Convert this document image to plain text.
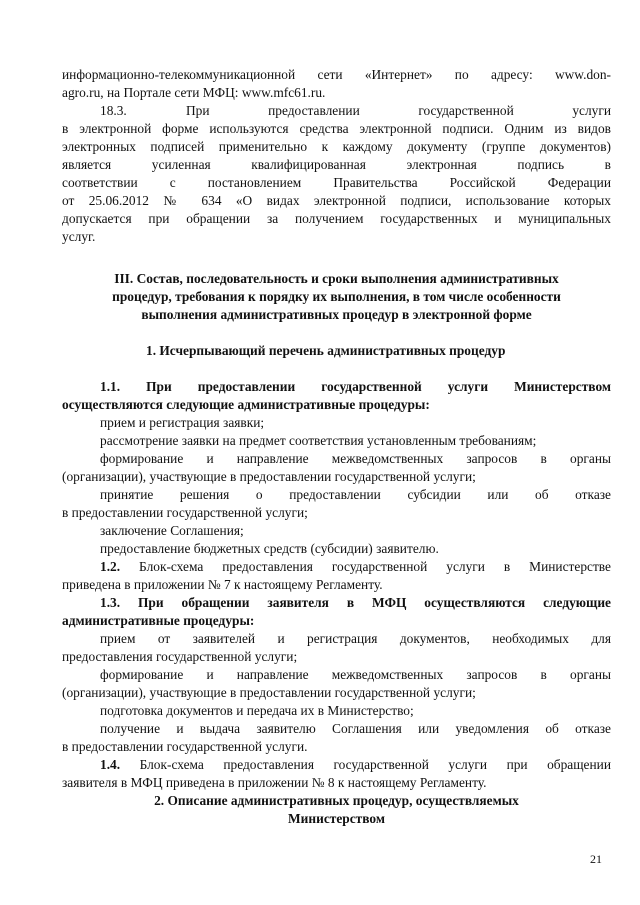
информационно-телекоммуникационной сети «Интернет» по адресу: www.don-
agro.ru, на Портале сети МФЦ: www.mfc61.ru.
18.3.	При предоставлении государственной услуги
в электронной форме используются средства электронной подписи. Одним из видов
электронных подписей применительно к каждому документу (группе документов)
является усиленная квалифицированная электронная подпись в
соответствии с постановлением Правительства Российской Федерации
от 25.06.2012 № 634 «О видах электронной подписи, использование которых
допускается при обращении за получением государственных и муниципальных
услуг.
III. Состав, последовательность и сроки выполнения административных
процедур, требования к порядку их выполнения, в том числе особенности
выполнения административных процедур в электронной форме
1. Исчерпывающий перечень административных процедур
1.1. При предоставлении государственной услуги Министерством
осуществляются следующие административные процедуры:
прием и регистрация заявки;
рассмотрение заявки на предмет соответствия установленным требованиям;
формирование и направление межведомственных запросов в органы
(организации), участвующие в предоставлении государственной услуги;
принятие решения о предоставлении субсидии или об отказе
в предоставлении государственной услуги;
заключение Соглашения;
предоставление бюджетных средств (субсидии) заявителю.
1.2. Блок-схема предоставления государственной услуги в Министерстве
приведена в приложении № 7 к настоящему Регламенту.
1.3. При обращении заявителя в МФЦ осуществляются следующие
административные процедуры:
прием от заявителей и регистрация документов, необходимых для
предоставления государственной услуги;
формирование и направление межведомственных запросов в органы
(организации), участвующие в предоставлении государственной услуги;
подготовка документов и передача их в Министерство;
получение и выдача заявителю Соглашения или уведомления об отказе
в предоставлении государственной услуги.
1.4. Блок-схема предоставления государственной услуги при обращении
заявителя в МФЦ приведена в приложении № 8 к настоящему Регламенту.
2. Описание административных процедур, осуществляемых
Министерством
21
